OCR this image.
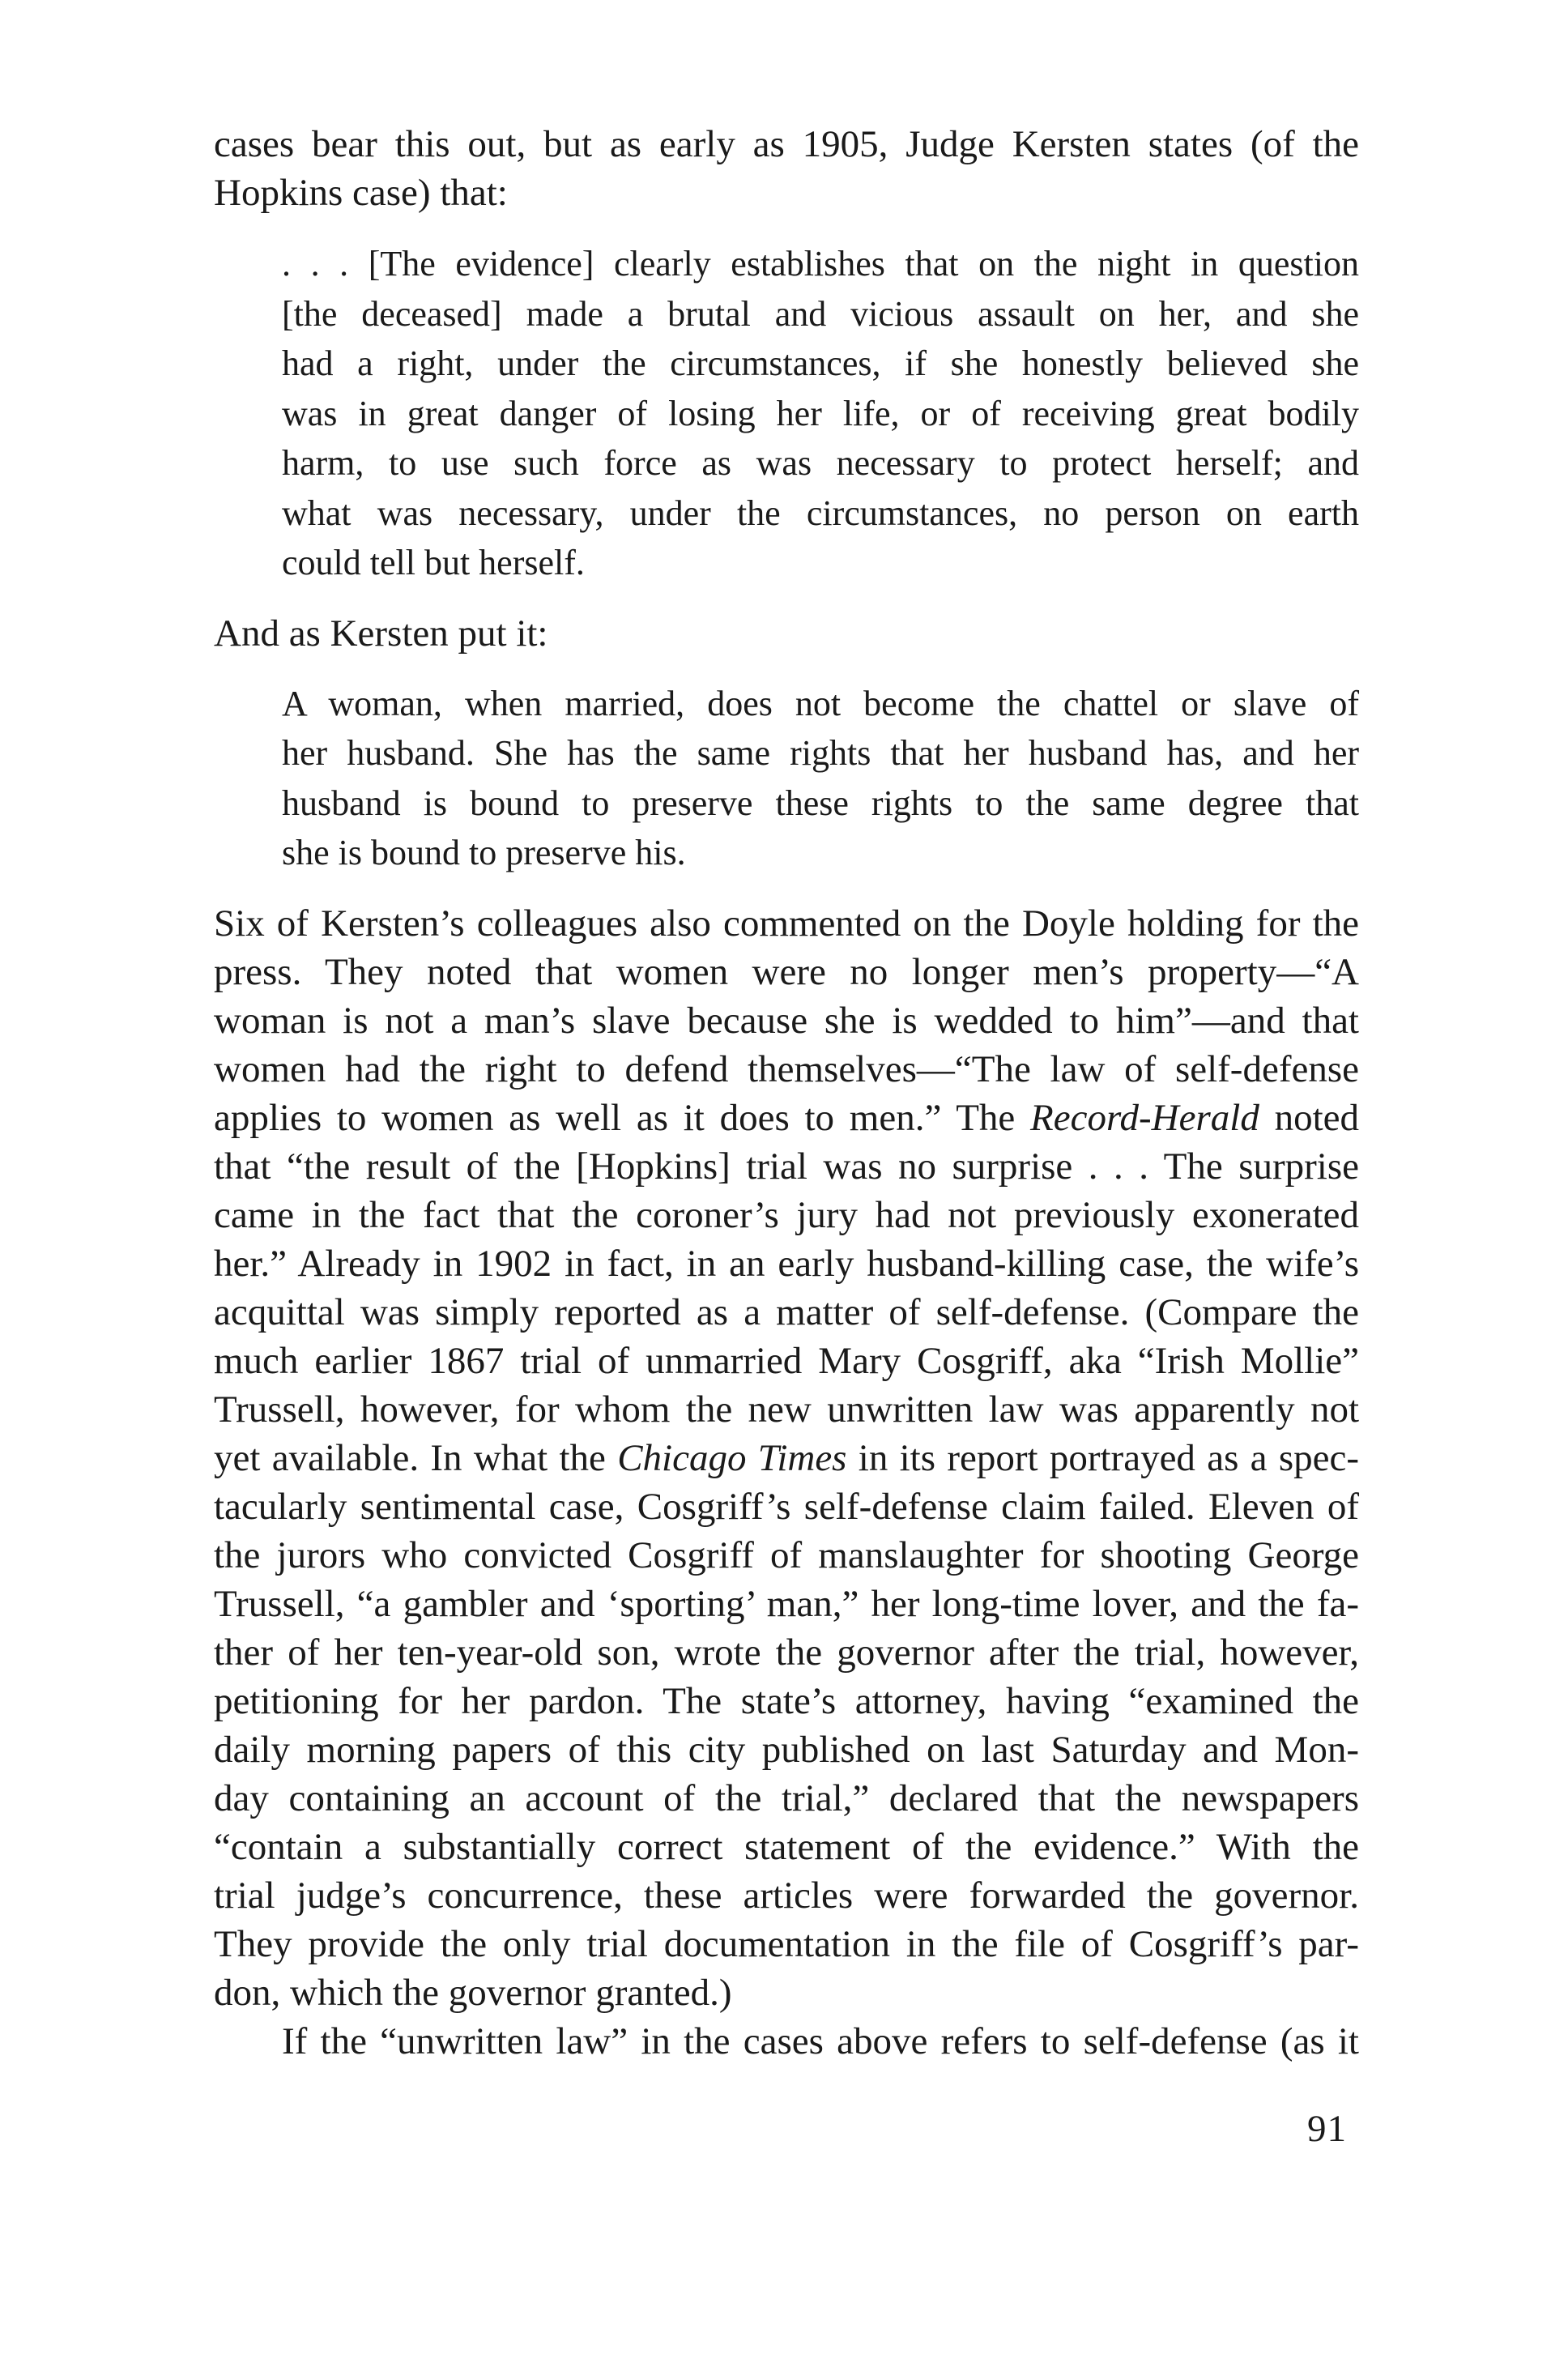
cases bear this out, but as early as 1905, Judge Kersten states (of the
Hopkins case) that:
. . . [The evidence] clearly establishes that on the night in question
[the deceased] made a brutal and vicious assault on her, and she
had a right, under the circumstances, if she honestly believed she
was in great danger of losing her life, or of receiving great bodily
harm, to use such force as was necessary to protect herself; and
what was necessary, under the circumstances, no person on earth
could tell but herself.
And as Kersten put it:
A woman, when married, does not become the chattel or slave of
her husband. She has the same rights that her husband has, and her
husband is bound to preserve these rights to the same degree that
she is bound to preserve his.
Six of Kersten’s colleagues also commented on the Doyle holding for the
press. They noted that women were no longer men’s property—“A
woman is not a man’s slave because she is wedded to him”—and that
women had the right to defend themselves—“The law of self-defense
applies to women as well as it does to men.” The Record-Herald noted
that “the result of the [Hopkins] trial was no surprise . . . The surprise
came in the fact that the coroner’s jury had not previously exonerated
her.” Already in 1902 in fact, in an early husband-killing case, the wife’s
acquittal was simply reported as a matter of self-defense. (Compare the
much earlier 1867 trial of unmarried Mary Cosgriff, aka “Irish Mollie”
Trussell, however, for whom the new unwritten law was apparently not
yet available. In what the Chicago Times in its report portrayed as a spec-
tacularly sentimental case, Cosgriff’s self-defense claim failed. Eleven of
the jurors who convicted Cosgriff of manslaughter for shooting George
Trussell, “a gambler and ‘sporting’ man,” her long-time lover, and the fa-
ther of her ten-year-old son, wrote the governor after the trial, however,
petitioning for her pardon. The state’s attorney, having “examined the
daily morning papers of this city published on last Saturday and Mon-
day containing an account of the trial,” declared that the newspapers
“contain a substantially correct statement of the evidence.” With the
trial judge’s concurrence, these articles were forwarded the governor.
They provide the only trial documentation in the file of Cosgriff’s par-
don, which the governor granted.)
If the “unwritten law” in the cases above refers to self-defense (as it
91
